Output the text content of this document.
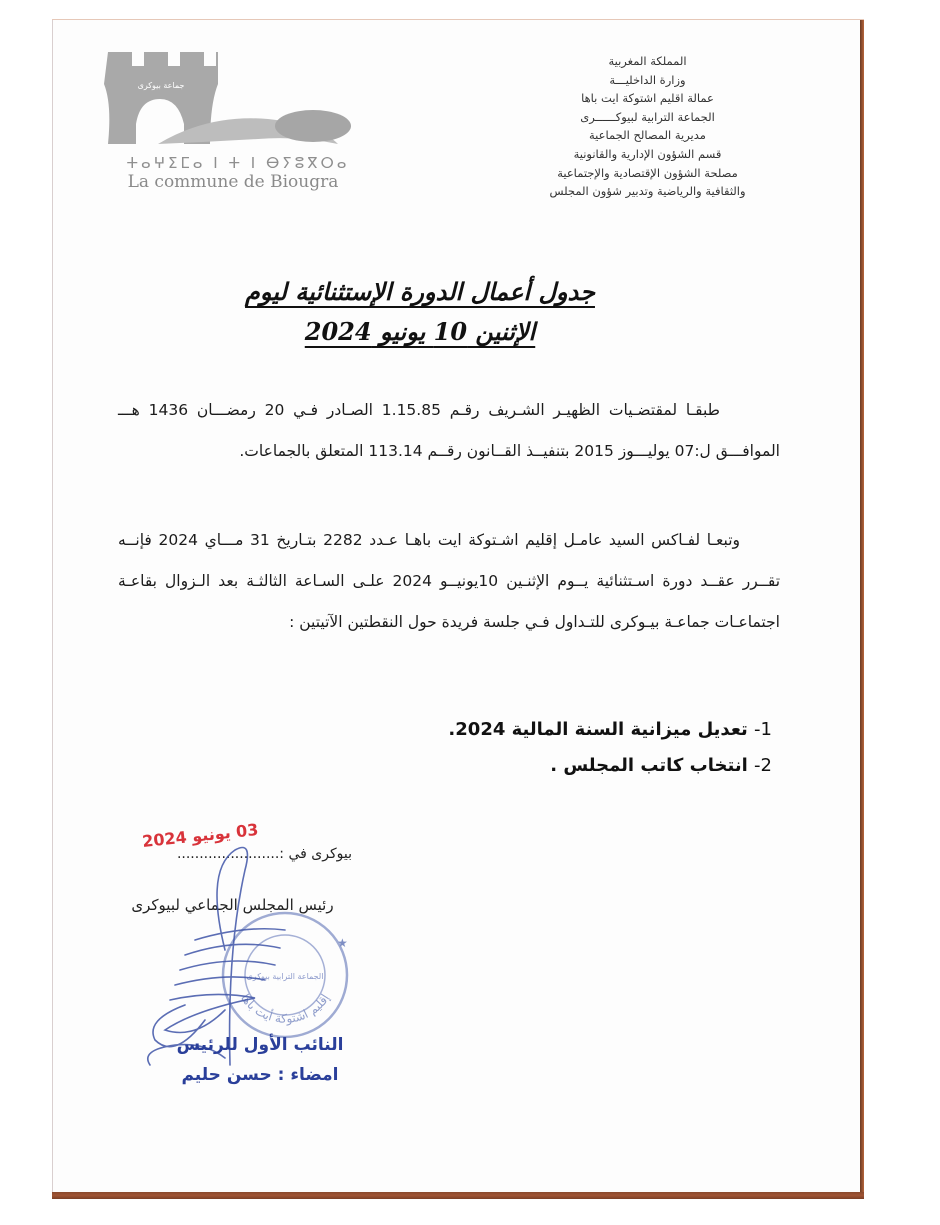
جماعة بيوكرى
ⵜⴰⵖⵉⵎⴰ ⵏ ⵜ ⵏ ⴱⵢⵓⴳⵔⴰ
La commune de Biougra
المملكة المغربية
وزارة الداخليـــة
عمالة اقليم اشتوكة ايت باها
الجماعة الترابية لبيوكــــــرى
مديرية المصالح الجماعية
قسم الشؤون الإدارية والقانونية
مصلحة الشؤون الإقتصادية والإجتماعية
والثقافية والرياضية وتدبير شؤون المجلس
جدول أعمال الدورة الإستثنائية ليوم
الإثنين 10 يونيو 2024
طبقـا لمقتضـيات الظهيـر الشـريف رقـم 1.15.85 الصـادر فـي 20 رمضـــان 1436 هـــ الموافـــق ل:07 يوليـــوز 2015 بتنفيــذ القــانون رقــم 113.14 المتعلق بالجماعات.
وتبعـا لفـاكس السيد عامـل إقليم اشـتوكة ايت باهـا عـدد 2282 بتـاريخ 31 مـــاي 2024 فإنــه تقــرر عقــد دورة اسـتثنائية يــوم الإثنـين 10يونيــو 2024 علـى السـاعة الثالثـة بعد الـزوال بقاعـة اجتماعـات جماعـة بيـوكرى للتـداول فـي جلسة فريدة حول النقطتين الآتيتين :
1- تعديل ميزانية السنة المالية 2024.
2- انتخاب كاتب المجلس .
بيوكرى في :.......................
03 يونيو 2024
رئيس المجلس الجماعي لبيوكرى
إقليم اشتوكة أيت باها
الجماعة الترابية بيوكرى
★
النائب الأول للرئيس
امضاء : حسن حليم
